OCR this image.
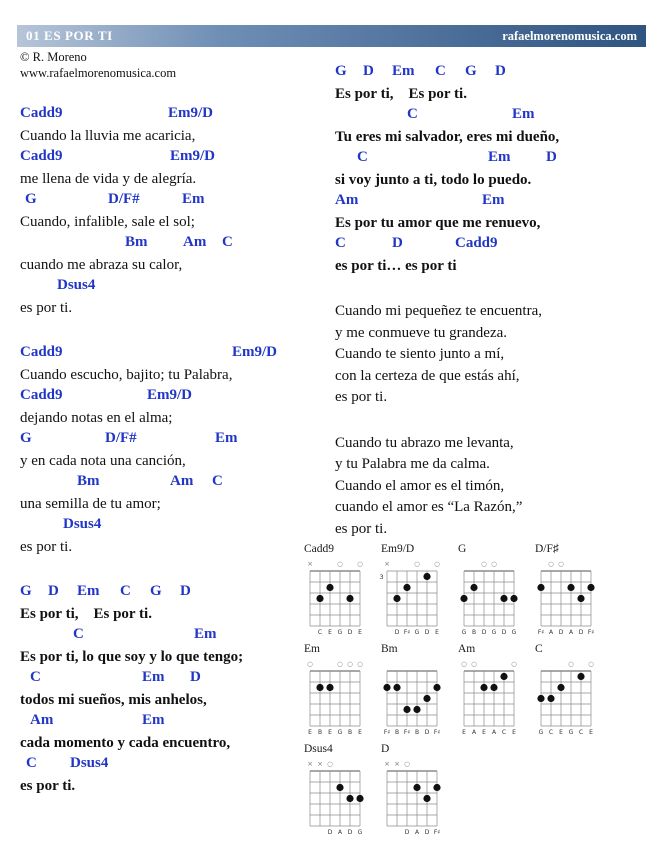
01 ES POR TI	rafaelmorenomusica.com
© R. Moreno
www.rafaelmorenomusica.com
Cadd9	Em9/D
Cuando la lluvia me acaricia,
Cadd9	Em9/D
me llena de vida y de alegría.
G	D/F#	Em
Cuando, infalible, sale el sol;
Bm Am C
cuando me abraza su calor,
Dsus4
es por ti.
Cadd9	Em9/D
Cuando escucho, bajito; tu Palabra,
Cadd9	Em9/D
dejando notas en el alma;
G	D/F#	Em
y en cada nota una canción,
Bm	Am C
una semilla de tu amor;
Dsus4
es por ti.
G D Em C G D
Es por ti,    Es por ti.
C	Em
Es por ti, lo que soy y lo que tengo;
C	Em D
todos mi sueños, mis anhelos,
Am	Em
cada momento y cada encuentro,
C Dsus4
es por ti.
G D Em C G D
Es por ti,    Es por ti.
C	Em
Tu eres mi salvador, eres mi dueño,
C	Em D
si voy junto a ti, todo lo puedo.
Am	Em
Es por tu amor que me renuevo,
C	D	Cadd9
es por ti… es por ti
Cuando mi pequeñez te encuentra,
y me conmueve tu grandeza.
Cuando te siento junto a mí,
con la certeza de que estás ahí,
es por ti.
Cuando tu abrazo me levanta,
y tu Palabra me da calma.
Cuando el amor es el timón,
cuando el amor es “La Razón,”
es por ti.
Cadd9
×	○ ○
C E G D E
Em9/D
×	○ ○
3
D F♯ G D E
G
○ ○
G B D G D G
D/F♯
○ ○
F♯ A D A D F♯
Em
○	○ ○ ○
E B E G B E
Bm
F♯ B F♯ B D F♯
Am
○ ○	○
E A E A C E
C
○ ○
G C E G C E
Dsus4
× × ○
D A D G
D
× × ○
D A D F♯
